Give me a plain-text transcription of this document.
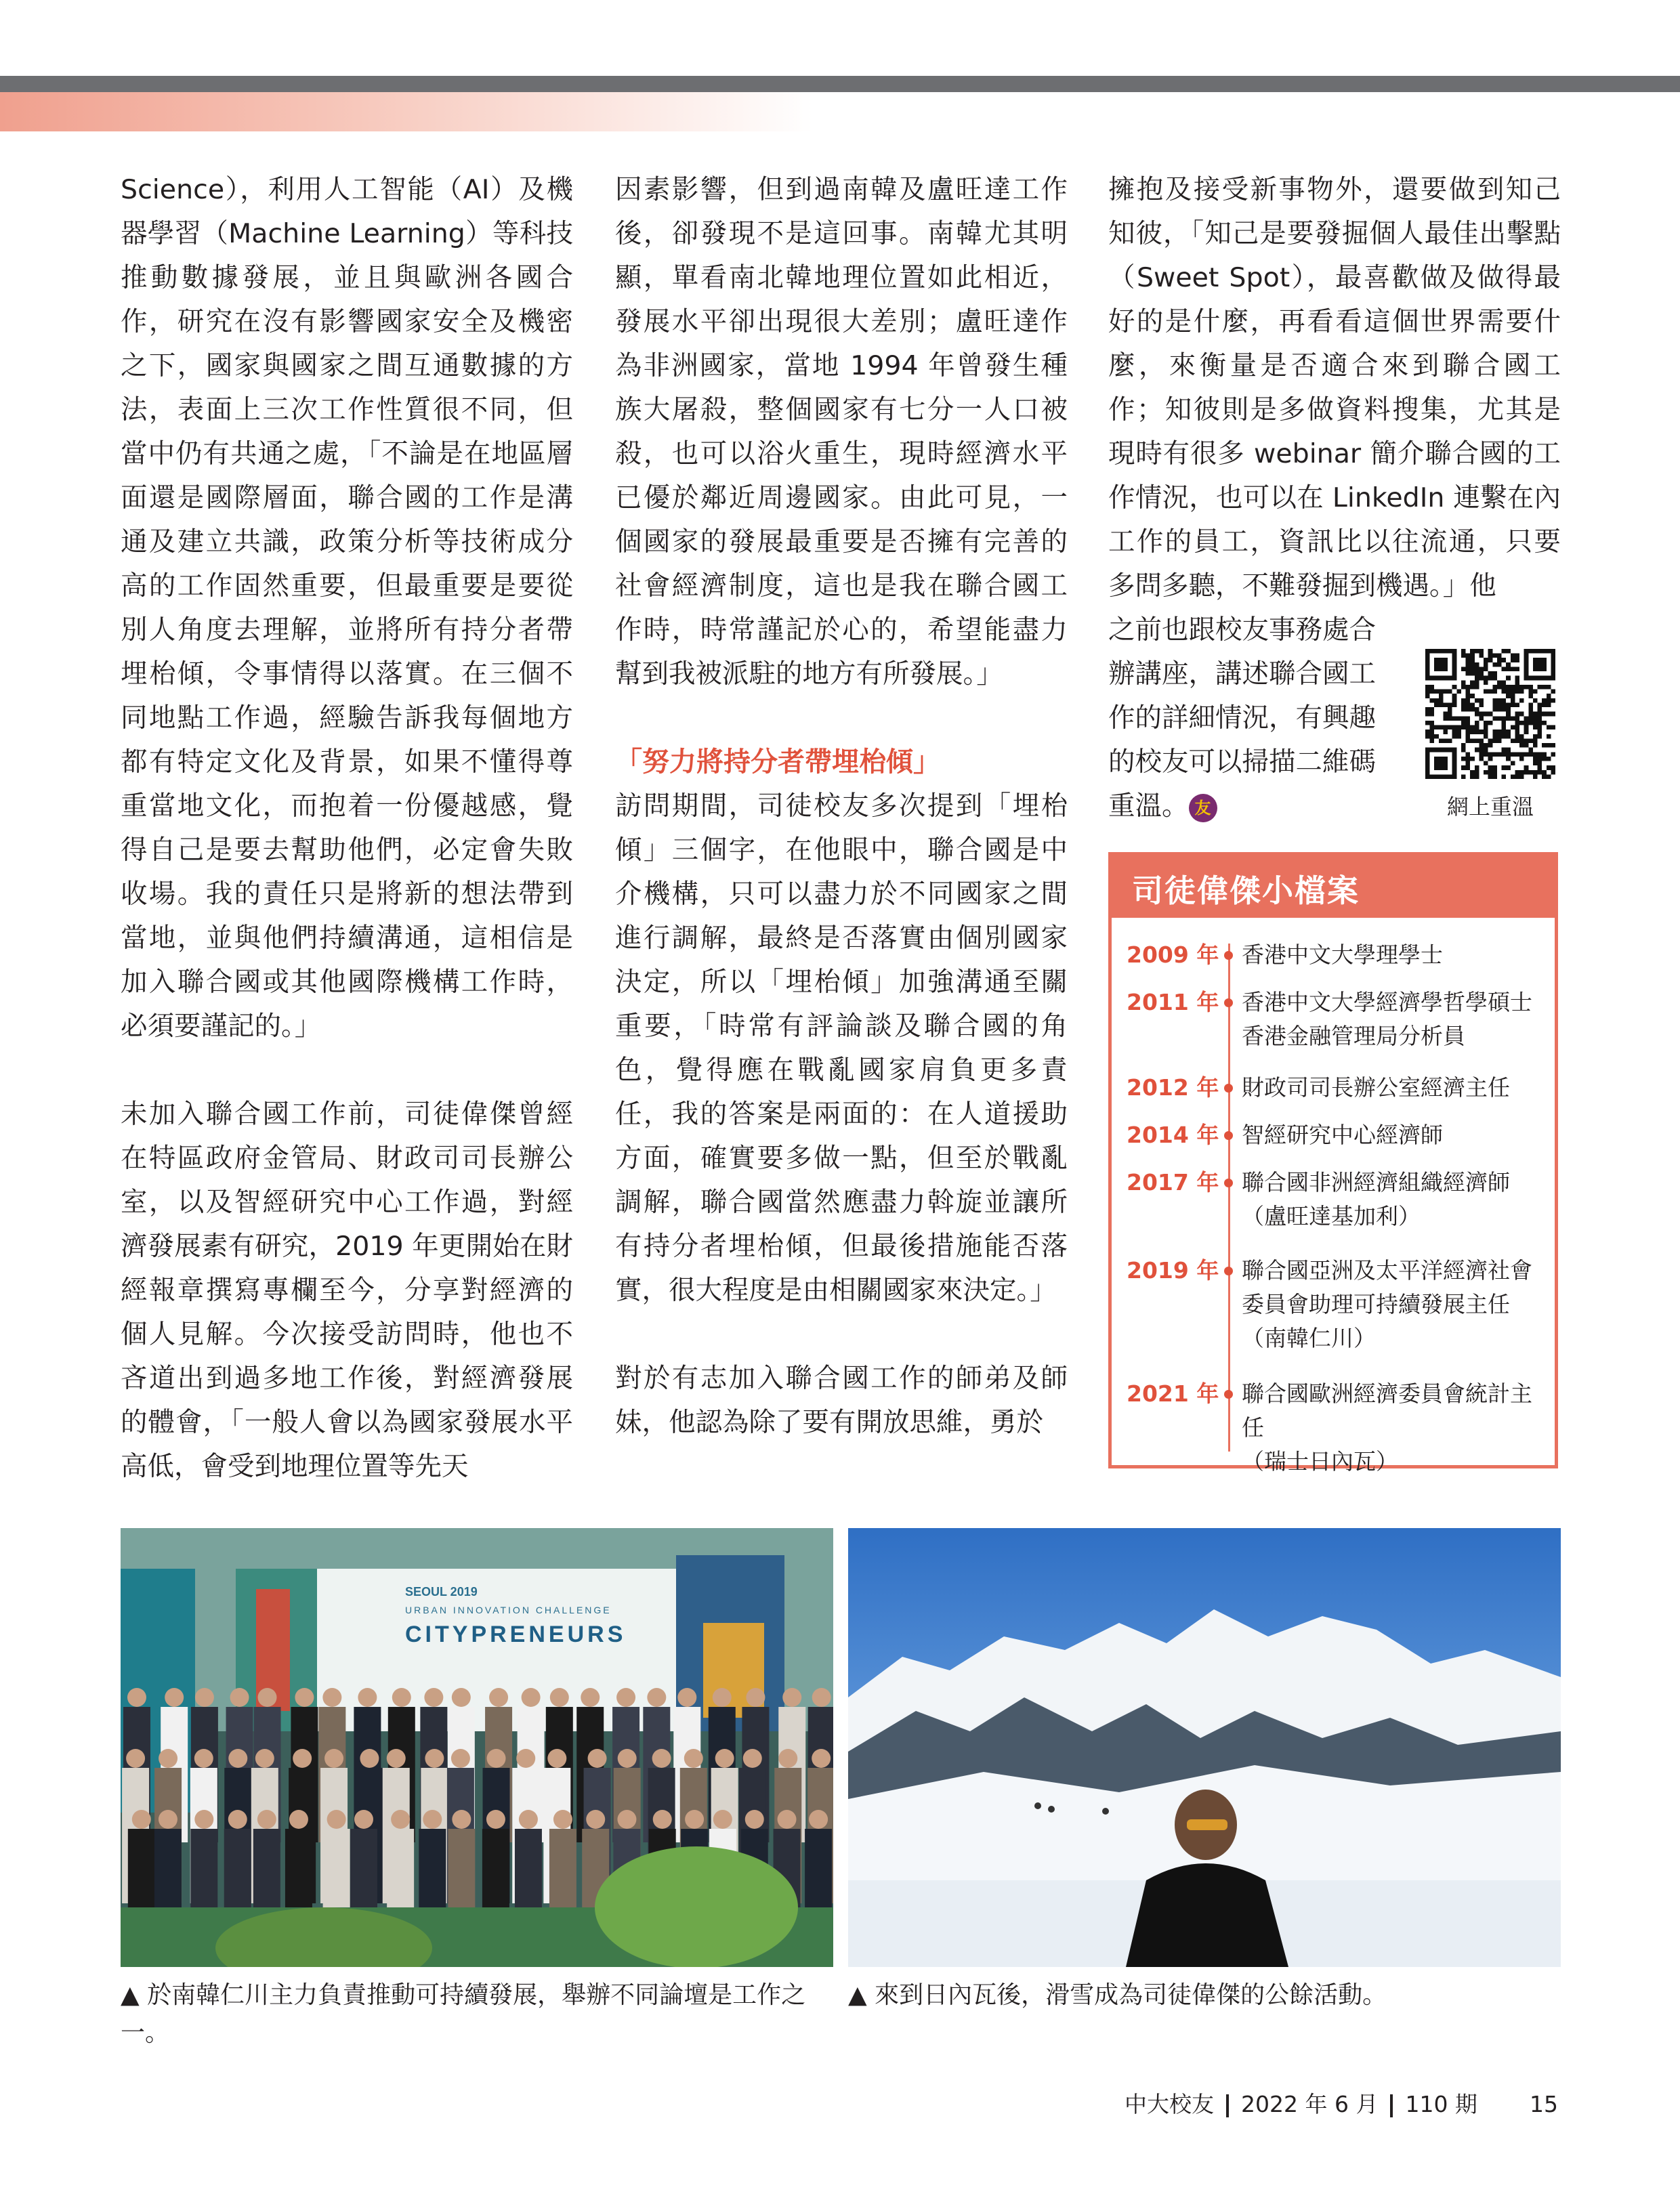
Science），利用人工智能（AI）及機器學習（Machine Learning）等科技推動數據發展，並且與歐洲各國合作，研究在沒有影響國家安全及機密之下，國家與國家之間互通數據的方法，表面上三次工作性質很不同，但當中仍有共通之處，「不論是在地區層面還是國際層面，聯合國的工作是溝通及建立共識，政策分析等技術成分高的工作固然重要，但最重要是要從別人角度去理解，並將所有持分者帶埋枱傾，令事情得以落實。在三個不同地點工作過，經驗告訴我每個地方都有特定文化及背景，如果不懂得尊重當地文化，而抱着一份優越感，覺得自己是要去幫助他們，必定會失敗收場。我的責任只是將新的想法帶到當地，並與他們持續溝通，這相信是加入聯合國或其他國際機構工作時，必須要謹記的。」

未加入聯合國工作前，司徒偉傑曾經在特區政府金管局、財政司司長辦公室，以及智經研究中心工作過，對經濟發展素有研究，2019 年更開始在財經報章撰寫專欄至今，分享對經濟的個人見解。今次接受訪問時，他也不吝道出到過多地工作後，對經濟發展的體會，「一般人會以為國家發展水平高低，會受到地理位置等先天

因素影響，但到過南韓及盧旺達工作後，卻發現不是這回事。南韓尤其明顯，單看南北韓地理位置如此相近，發展水平卻出現很大差別；盧旺達作為非洲國家，當地 1994 年曾發生種族大屠殺，整個國家有七分一人口被殺，也可以浴火重生，現時經濟水平已優於鄰近周邊國家。由此可見，一個國家的發展最重要是否擁有完善的社會經濟制度，這也是我在聯合國工作時，時常謹記於心的，希望能盡力幫到我被派駐的地方有所發展。」

「努力將持分者帶埋枱傾」

訪問期間，司徒校友多次提到「埋枱傾」三個字，在他眼中，聯合國是中介機構，只可以盡力於不同國家之間進行調解，最終是否落實由個別國家決定，所以「埋枱傾」加強溝通至關重要，「時常有評論談及聯合國的角色，覺得應在戰亂國家肩負更多責任，我的答案是兩面的：在人道援助方面，確實要多做一點，但至於戰亂調解，聯合國當然應盡力斡旋並讓所有持分者埋枱傾，但最後措施能否落實，很大程度是由相關國家來決定。」

對於有志加入聯合國工作的師弟及師妹，他認為除了要有開放思維，勇於

擁抱及接受新事物外，還要做到知己知彼，「知己是要發掘個人最佳出擊點（Sweet Spot），最喜歡做及做得最好的是什麼，再看看這個世界需要什麼，來衡量是否適合來到聯合國工作；知彼則是多做資料搜集，尤其是現時有很多 webinar 簡介聯合國的工作情況，也可以在 LinkedIn 連繫在內工作的員工，資訊比以往流通，只要多問多聽，不難發掘到機遇。」他

之前也跟校友事務處合辦講座，講述聯合國工作的詳細情況，有興趣的校友可以掃描二維碼重溫。 友	網上重溫
司徒偉傑小檔案
2009 年	香港中文大學理學士
2011 年	香港中文大學經濟學哲學碩士
香港金融管理局分析員
2012 年	財政司司長辦公室經濟主任
2014 年	智經研究中心經濟師
2017 年	聯合國非洲經濟組織經濟師
（盧旺達基加利）
2019 年	聯合國亞洲及太平洋經濟社會
委員會助理可持續發展主任
（南韓仁川）
2021 年	聯合國歐洲經濟委員會統計主任
（瑞士日內瓦）
SEOUL 2019
URBAN INNOVATION CHALLENGE
CITYPRENEURS
▲ 於南韓仁川主力負責推動可持續發展，舉辦不同論壇是工作之一。
▲ 來到日內瓦後，滑雪成為司徒偉傑的公餘活動。
中大校友 2022 年 6 月 110 期 15
